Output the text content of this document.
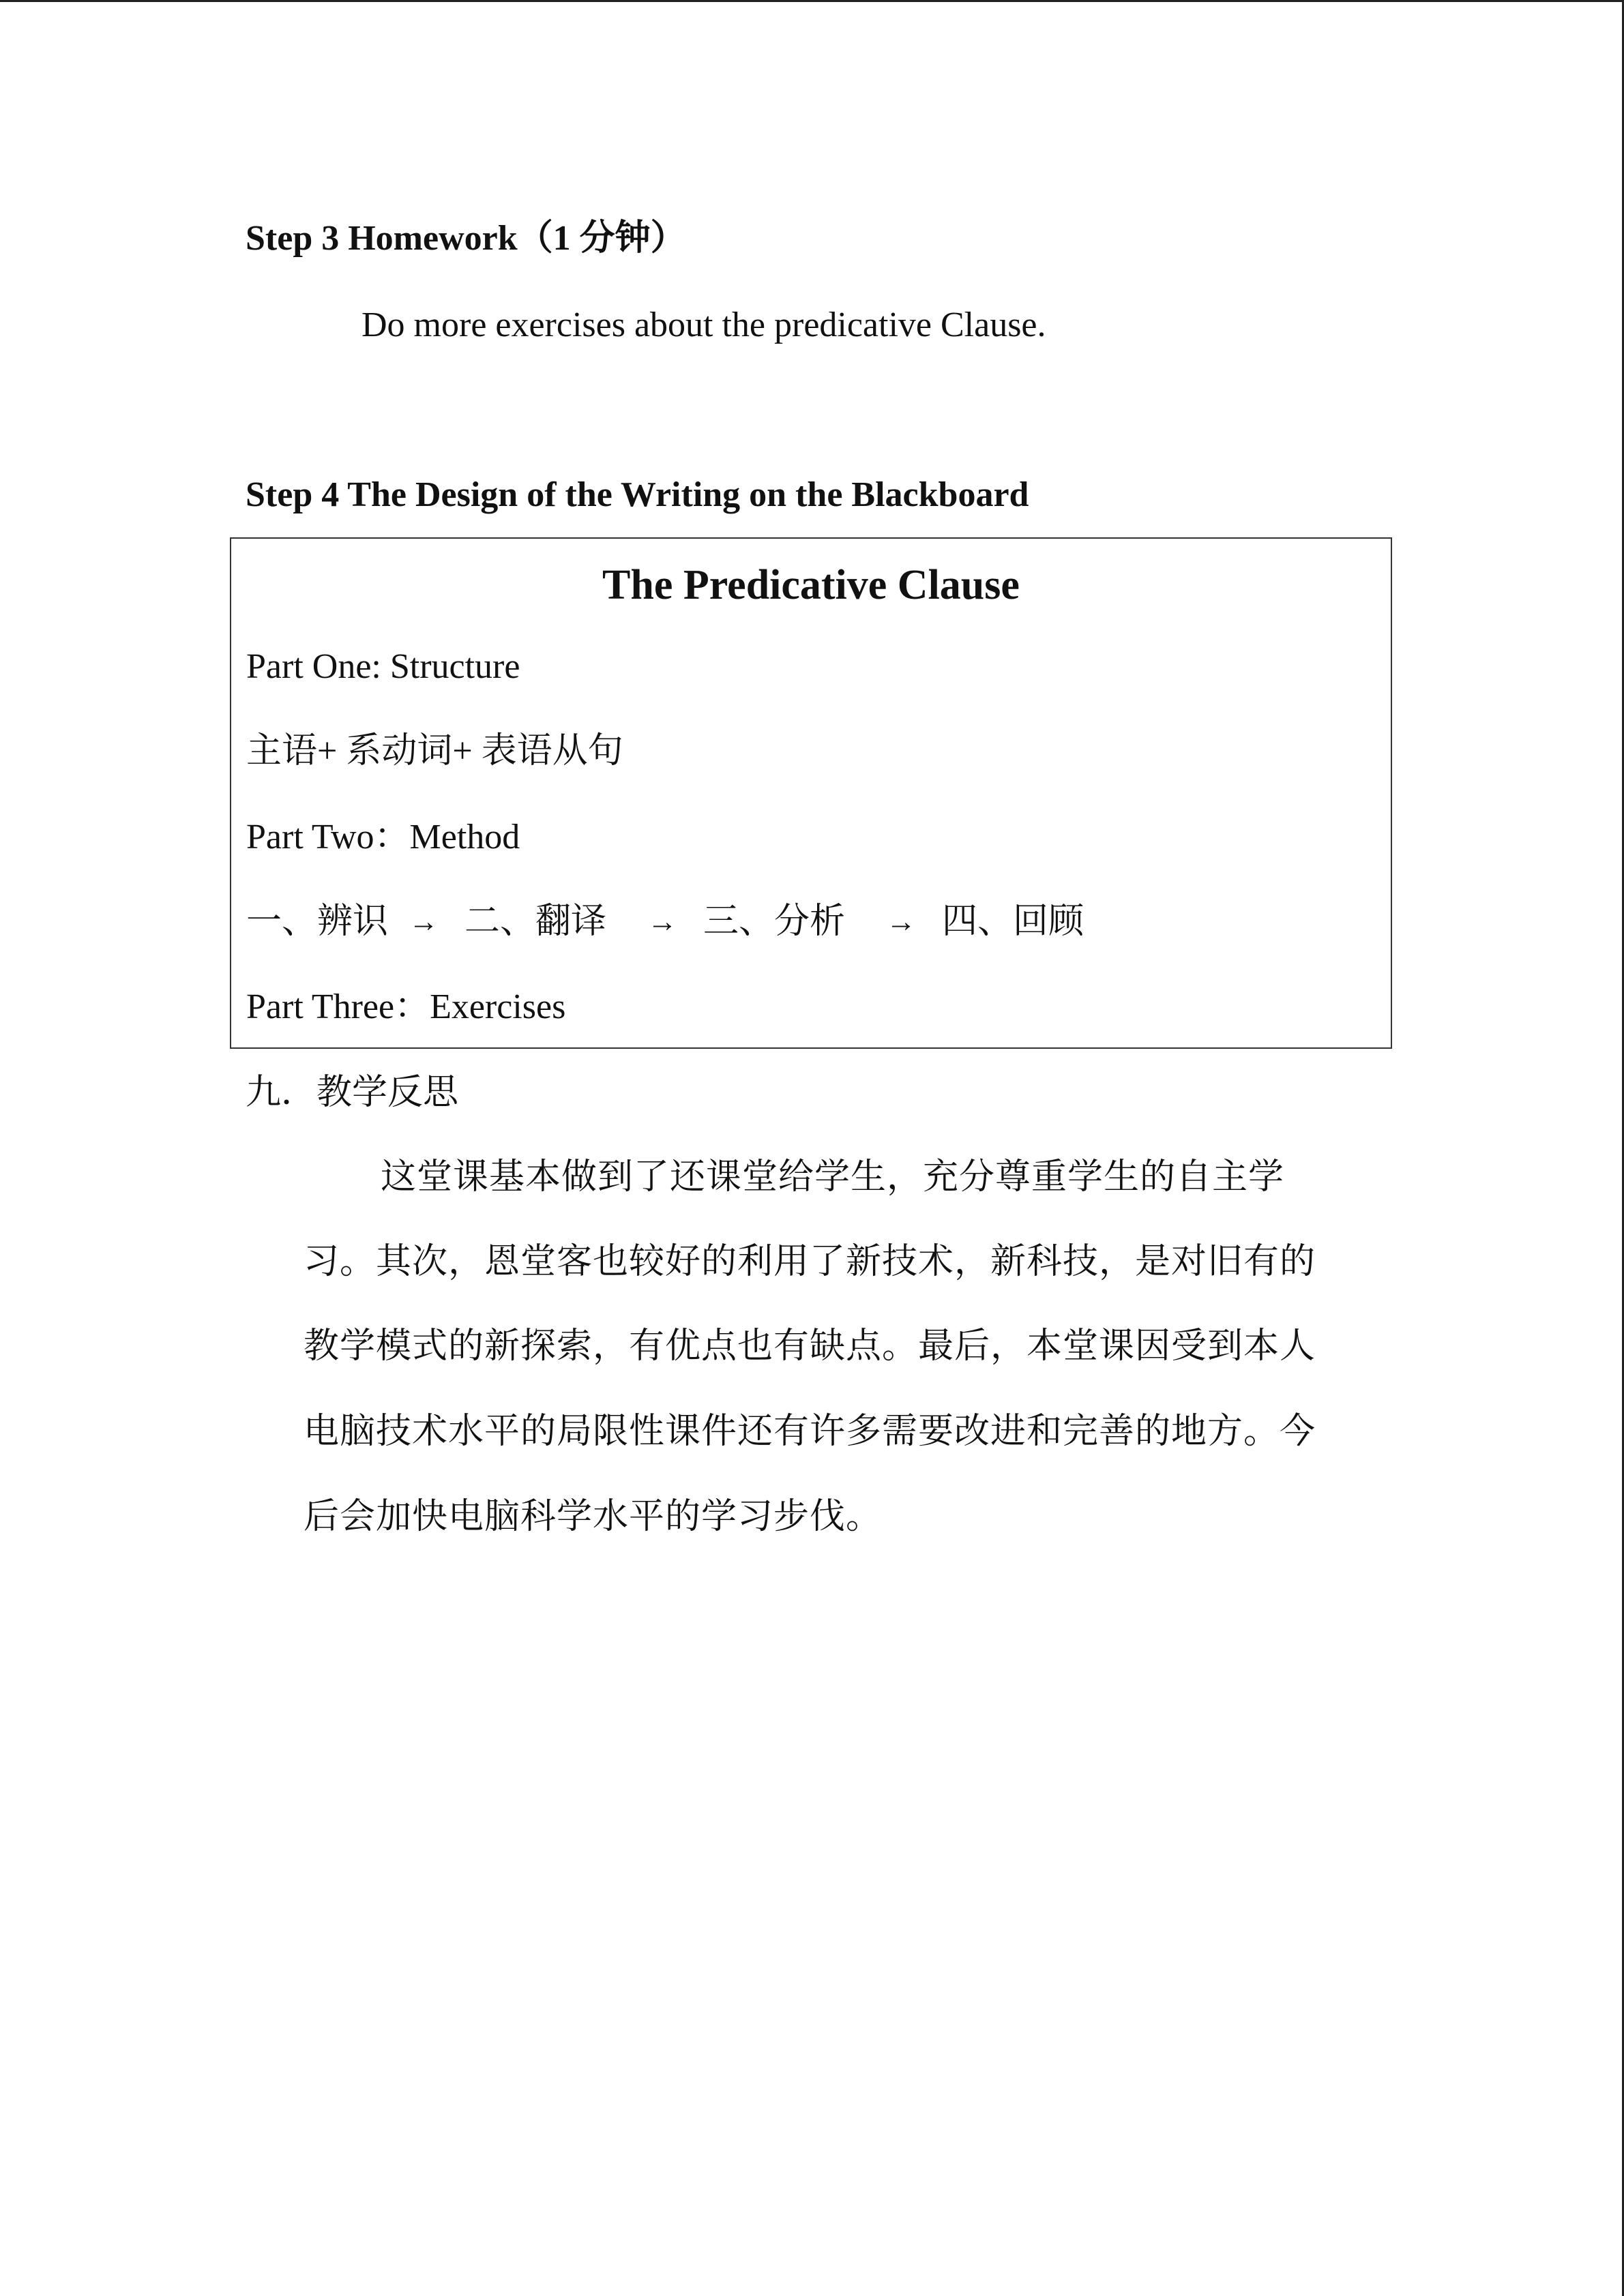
Step 3 Homework（1 分钟）
Do more exercises about the predicative Clause.
Step 4 The Design of the Writing on the Blackboard
The Predicative Clause
Part One: Structure
主语+ 系动词+ 表语从句
Part Two：Method
一、辨识 → 二、翻译 → 三、分析 → 四、回顾
Part Three：Exercises
九．教学反思
这堂课基本做到了还课堂给学生，充分尊重学生的自主学
习。其次，恩堂客也较好的利用了新技术，新科技，是对旧有的
教学模式的新探索，有优点也有缺点。最后，本堂课因受到本人
电脑技术水平的局限性课件还有许多需要改进和完善的地方。今
后会加快电脑科学水平的学习步伐。
